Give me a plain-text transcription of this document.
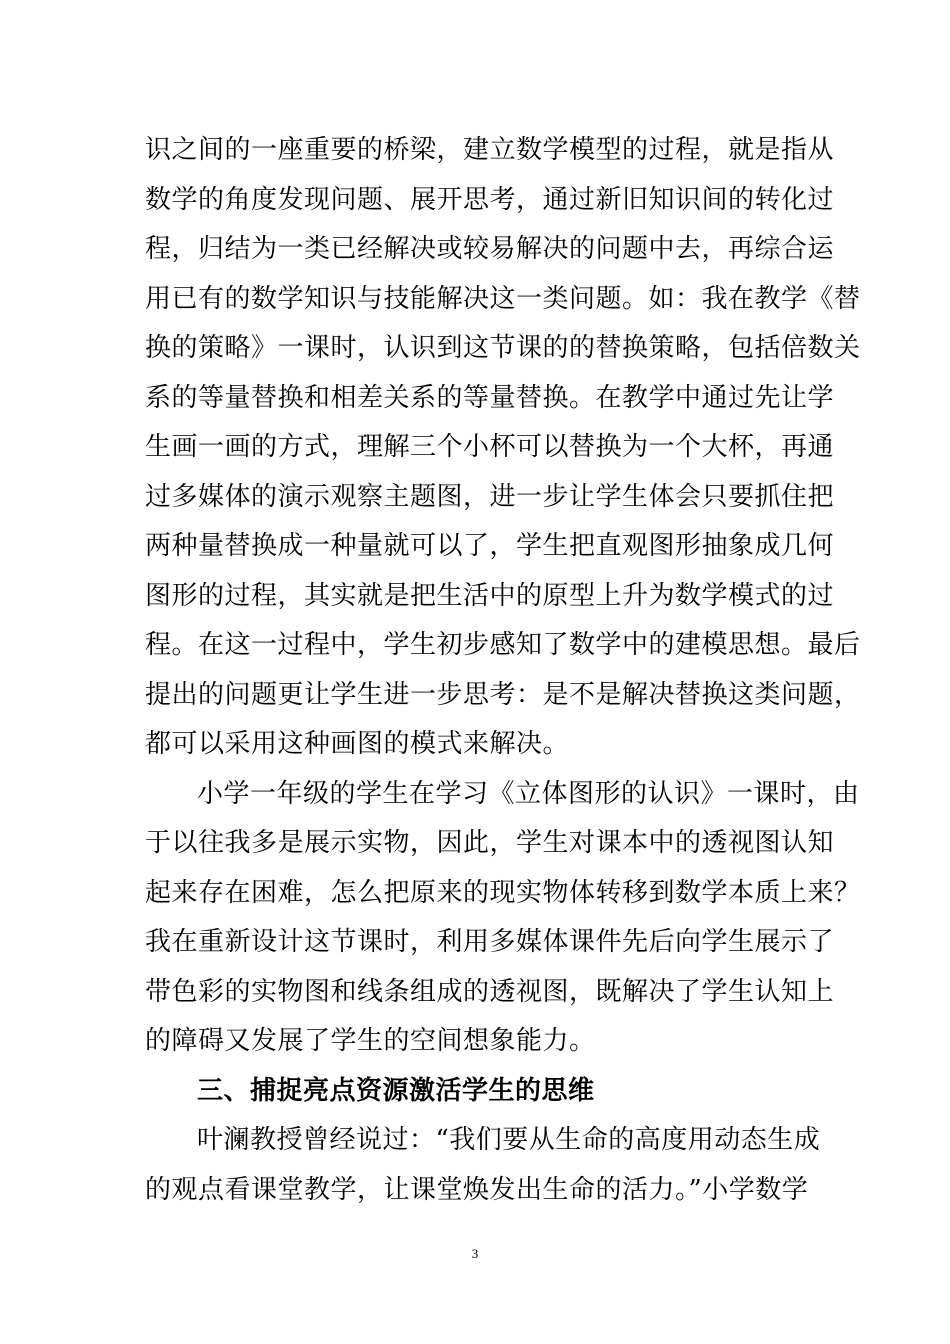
识之间的一座重要的桥梁，建立数学模型的过程，就是指从
数学的角度发现问题、展开思考，通过新旧知识间的转化过
程，归结为一类已经解决或较易解决的问题中去，再综合运
用已有的数学知识与技能解决这一类问题。如：我在教学《替
换的策略》一课时，认识到这节课的的替换策略，包括倍数关
系的等量替换和相差关系的等量替换。在教学中通过先让学
生画一画的方式，理解三个小杯可以替换为一个大杯，再通
过多媒体的演示观察主题图，进一步让学生体会只要抓住把
两种量替换成一种量就可以了，学生把直观图形抽象成几何
图形的过程，其实就是把生活中的原型上升为数学模式的过
程。在这一过程中，学生初步感知了数学中的建模思想。最后
提出的问题更让学生进一步思考：是不是解决替换这类问题，
都可以采用这种画图的模式来解决。
小学一年级的学生在学习《立体图形的认识》一课时，由
于以往我多是展示实物，因此，学生对课本中的透视图认知
起来存在困难，怎么把原来的现实物体转移到数学本质上来？
我在重新设计这节课时，利用多媒体课件先后向学生展示了
带色彩的实物图和线条组成的透视图，既解决了学生认知上
的障碍又发展了学生的空间想象能力。
三、捕捉亮点资源激活学生的思维
叶澜教授曾经说过：“我们要从生命的高度用动态生成
的观点看课堂教学，让课堂焕发出生命的活力。”小学数学
3
